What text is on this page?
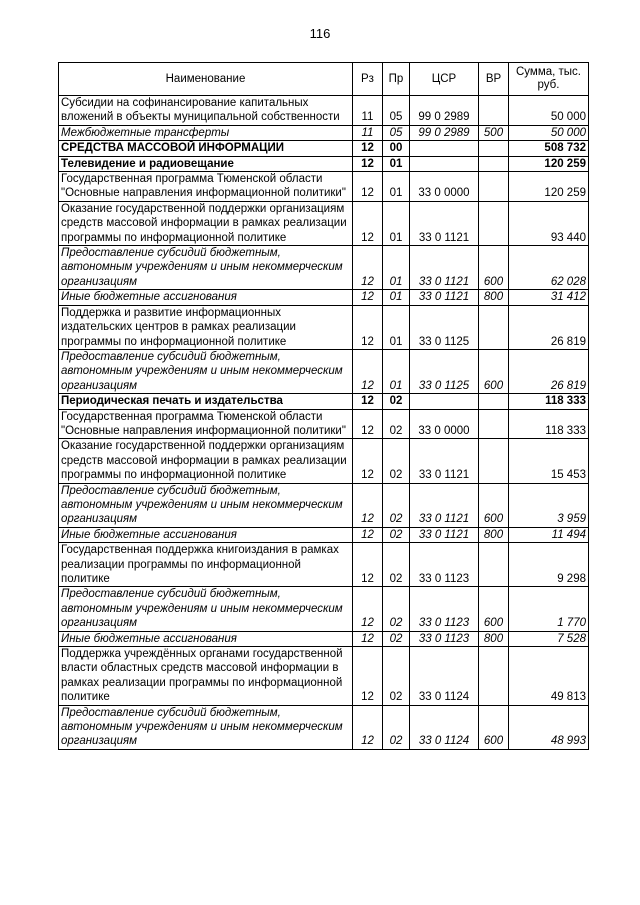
116
Наименование	Рз	Пр	ЦСР	ВР	Сумма, тыс. руб.
Субсидии на софинансирование капитальных вложений в объекты муниципальной собственности	11	05	99 0 2989		50 000
Межбюджетные трансферты	11	05	99 0 2989	500	50 000
СРЕДСТВА МАССОВОЙ ИНФОРМАЦИИ	12	00			508 732
Телевидение и радиовещание	12	01			120 259
Государственная программа Тюменской области "Основные направления информационной политики"	12	01	33 0 0000		120 259
Оказание государственной поддержки организациям средств массовой информации в рамках реализации программы по информационной политике	12	01	33 0 1121		93 440
Предоставление субсидий бюджетным, автономным учреждениям и иным некоммерческим организациям	12	01	33 0 1121	600	62 028
Иные бюджетные ассигнования	12	01	33 0 1121	800	31 412
Поддержка и развитие информационных издательских центров в рамках реализации программы по информационной политике	12	01	33 0 1125		26 819
Предоставление субсидий бюджетным, автономным учреждениям и иным некоммерческим организациям	12	01	33 0 1125	600	26 819
Периодическая печать и издательства	12	02			118 333
Государственная программа Тюменской области "Основные направления информационной политики"	12	02	33 0 0000		118 333
Оказание государственной поддержки организациям средств массовой информации в рамках реализации программы по информационной политике	12	02	33 0 1121		15 453
Предоставление субсидий бюджетным, автономным учреждениям и иным некоммерческим организациям	12	02	33 0 1121	600	3 959
Иные бюджетные ассигнования	12	02	33 0 1121	800	11 494
Государственная поддержка книгоиздания в рамках реализации программы по информационной политике	12	02	33 0 1123		9 298
Предоставление субсидий бюджетным, автономным учреждениям и иным некоммерческим организациям	12	02	33 0 1123	600	1 770
Иные бюджетные ассигнования	12	02	33 0 1123	800	7 528
Поддержка учреждённых органами государственной власти областных средств массовой информации в рамках реализации программы по информационной политике	12	02	33 0 1124		49 813
Предоставление субсидий бюджетным, автономным учреждениям и иным некоммерческим организациям	12	02	33 0 1124	600	48 993
